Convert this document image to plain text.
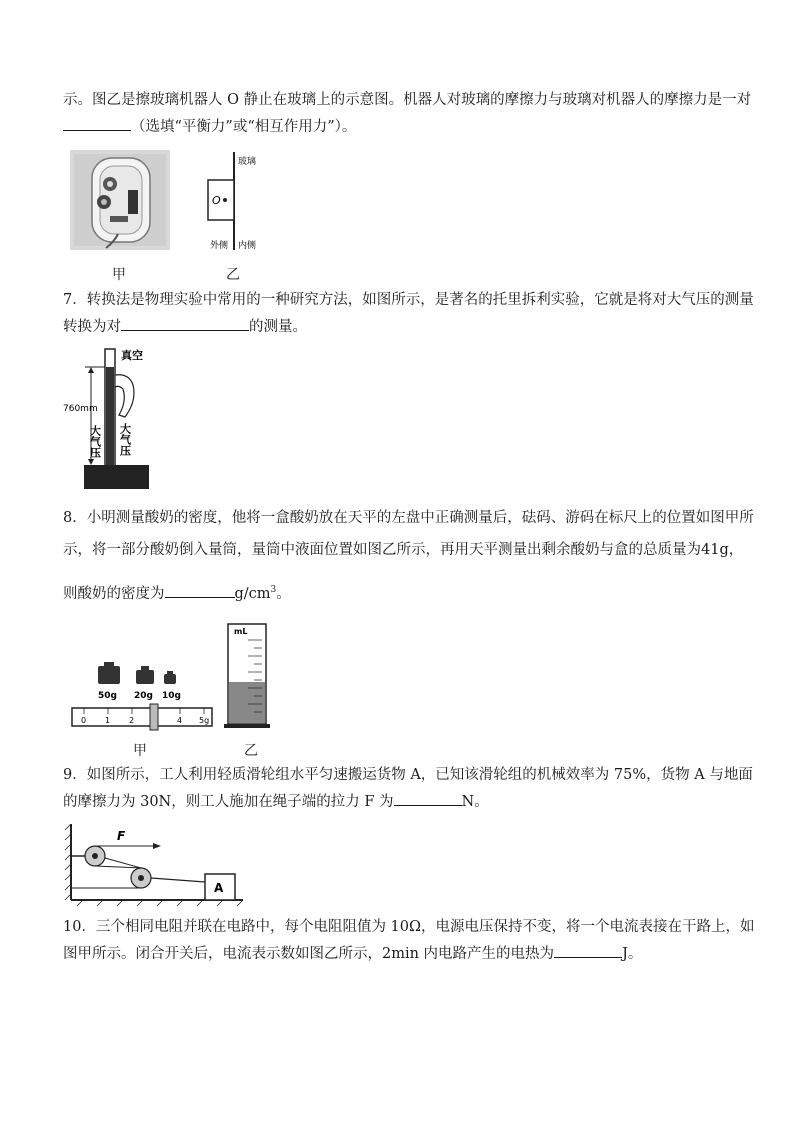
示。图乙是擦玻璃机器人 O 静止在玻璃上的示意图。机器人对玻璃的摩擦力与玻璃对机器人的摩擦力是一对
（选填“平衡力”或“相互作用力”）。
O
玻璃
外侧 内侧
甲	乙
7．转换法是物理实验中常用的一种研究方法，如图所示，是著名的托里拆利实验，它就是将对大气压的测量
转换为对	的测量。
真空
760mm
大气压 大气压
8．小明测量酸奶的密度，他将一盒酸奶放在天平的左盘中正确测量后，砝码、游码在标尺上的位置如图甲所
示，将一部分酸奶倒入量筒，量筒中液面位置如图乙所示，再用天平测量出剩余酸奶与盒的总质量为41g，
则酸奶的密度为	$g/cm^3$。
50g 20g 10g
0 1 2	4 5g
甲
mL
乙
9．如图所示，工人利用轻质滑轮组水平匀速搬运货物 A，已知该滑轮组的机械效率为 75%，货物 A 与地面
的摩擦力为 30N，则工人施加在绳子端的拉力 F 为	N。
F
A
10．三个相同电阻并联在电路中，每个电阻阻值为 10Ω，电源电压保持不变，将一个电流表接在干路上，如
图甲所示。闭合开关后，电流表示数如图乙所示，2min 内电路产生的电热为	J。
